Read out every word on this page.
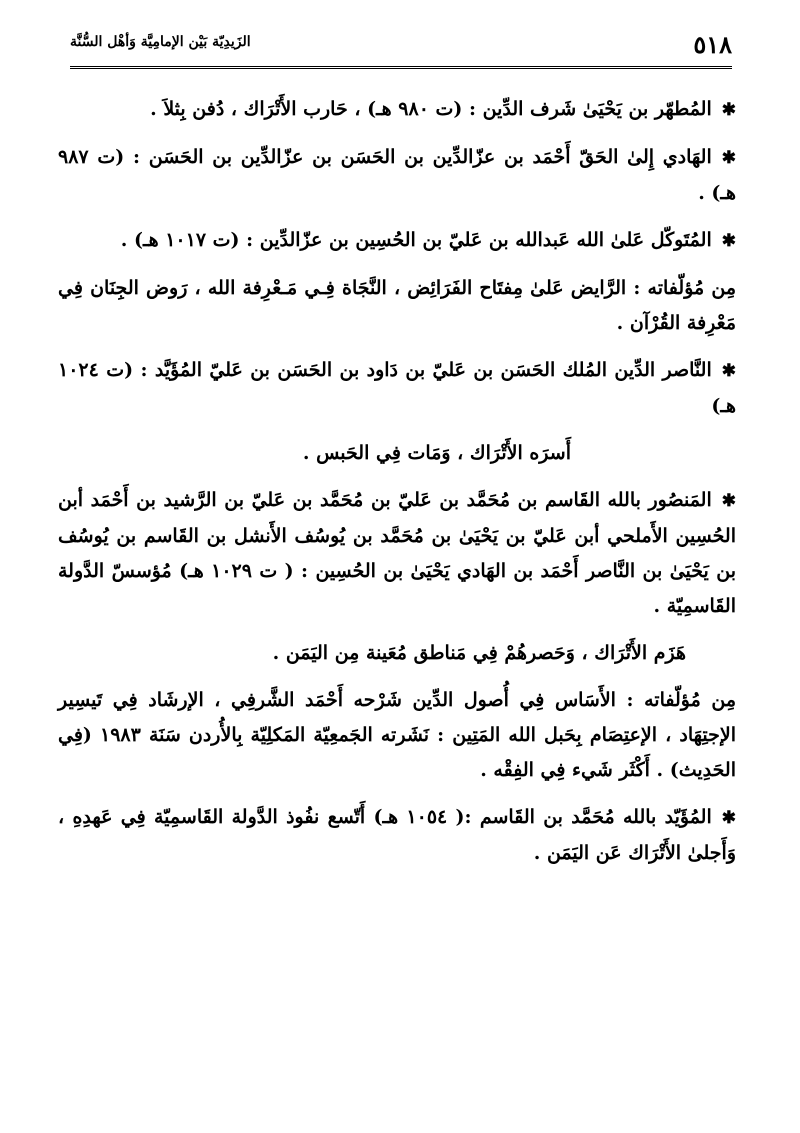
٥١٨
الزَيدِيّة بَيْن الإمامِيَّة وَأهْل السُّنَّة

✱المُطهّر بن يَحْيَىٰ شَرف الدِّين : (ت ٩٨٠ هـ) ، حَارب الأَتْرَاك ، دُفن بِثلاَ .

✱الهَادي إِلىٰ الحَقّ أَحْمَد بن عزّالدِّين بن الحَسَن بن عزّالدِّين بن الحَسَن : (ت ٩٨٧ هـ) .

✱المُتَوكّل عَلىٰ الله عَبدالله بن عَليّ بن الحُسِين بن عزّالدِّين : (ت ١٠١٧ هـ) .

مِن مُؤلّفاته : الرَّايض عَلىٰ مِفتَاح الفَرَائِض ، النَّجَاة فِـي مَـعْرِفة الله ، رَوض الجِنَان فِي مَعْرِفة القُرْآن .

✱النَّاصر الدِّين المُلك الحَسَن بن عَليّ بن دَاود بن الحَسَن بن عَليّ المُؤَيَّد : (ت ١٠٢٤ هـ)

أَسرَه الأَتْرَاك ، وَمَات فِي الحَبس .

✱المَنصُور بالله القَاسم بن مُحَمَّد بن عَليّ بن مُحَمَّد بن عَليّ بن الرَّشيد بن أَحْمَد أبن الحُسِين الأَملحي أبن عَليّ بن يَحْيَىٰ بن مُحَمَّد بن يُوسُف الأَنشل بن القَاسم بن يُوسُف بن يَحْيَىٰ بن النَّاصر أَحْمَد بن الهَادي يَحْيَىٰ بن الحُسِين : ( ت ١٠٢٩ هـ) مُؤسسّ الدَّولة القَاسمِيّة .

هَزَم الأَتْرَاك ، وَحَصرهُمْ فِي مَناطق مُعَينة مِن اليَمَن .

مِن مُؤلّفاته : الأَسَاس فِي أُصول الدِّين شَرْحه أَحْمَد الشَّرفِي ، الإرشَاد فِي تَيسِير الإجتِهَاد ، الإعتِصَام بِحَبل الله المَتِين : نَشَرته الجَمعِيّة المَكلِيّة بِالأُردن سَنَة ١٩٨٣ (فِي الحَدِيث) . أَكْثَر شَيء فِي الفِقْه .

✱المُؤَيّد بالله مُحَمَّد بن القَاسم :( ١٠٥٤ هـ) أَتّسع نفُوذ الدَّولة القَاسمِيّة فِي عَهدِهِ ، وَأَجلىٰ الأَتْرَاك عَن اليَمَن .
